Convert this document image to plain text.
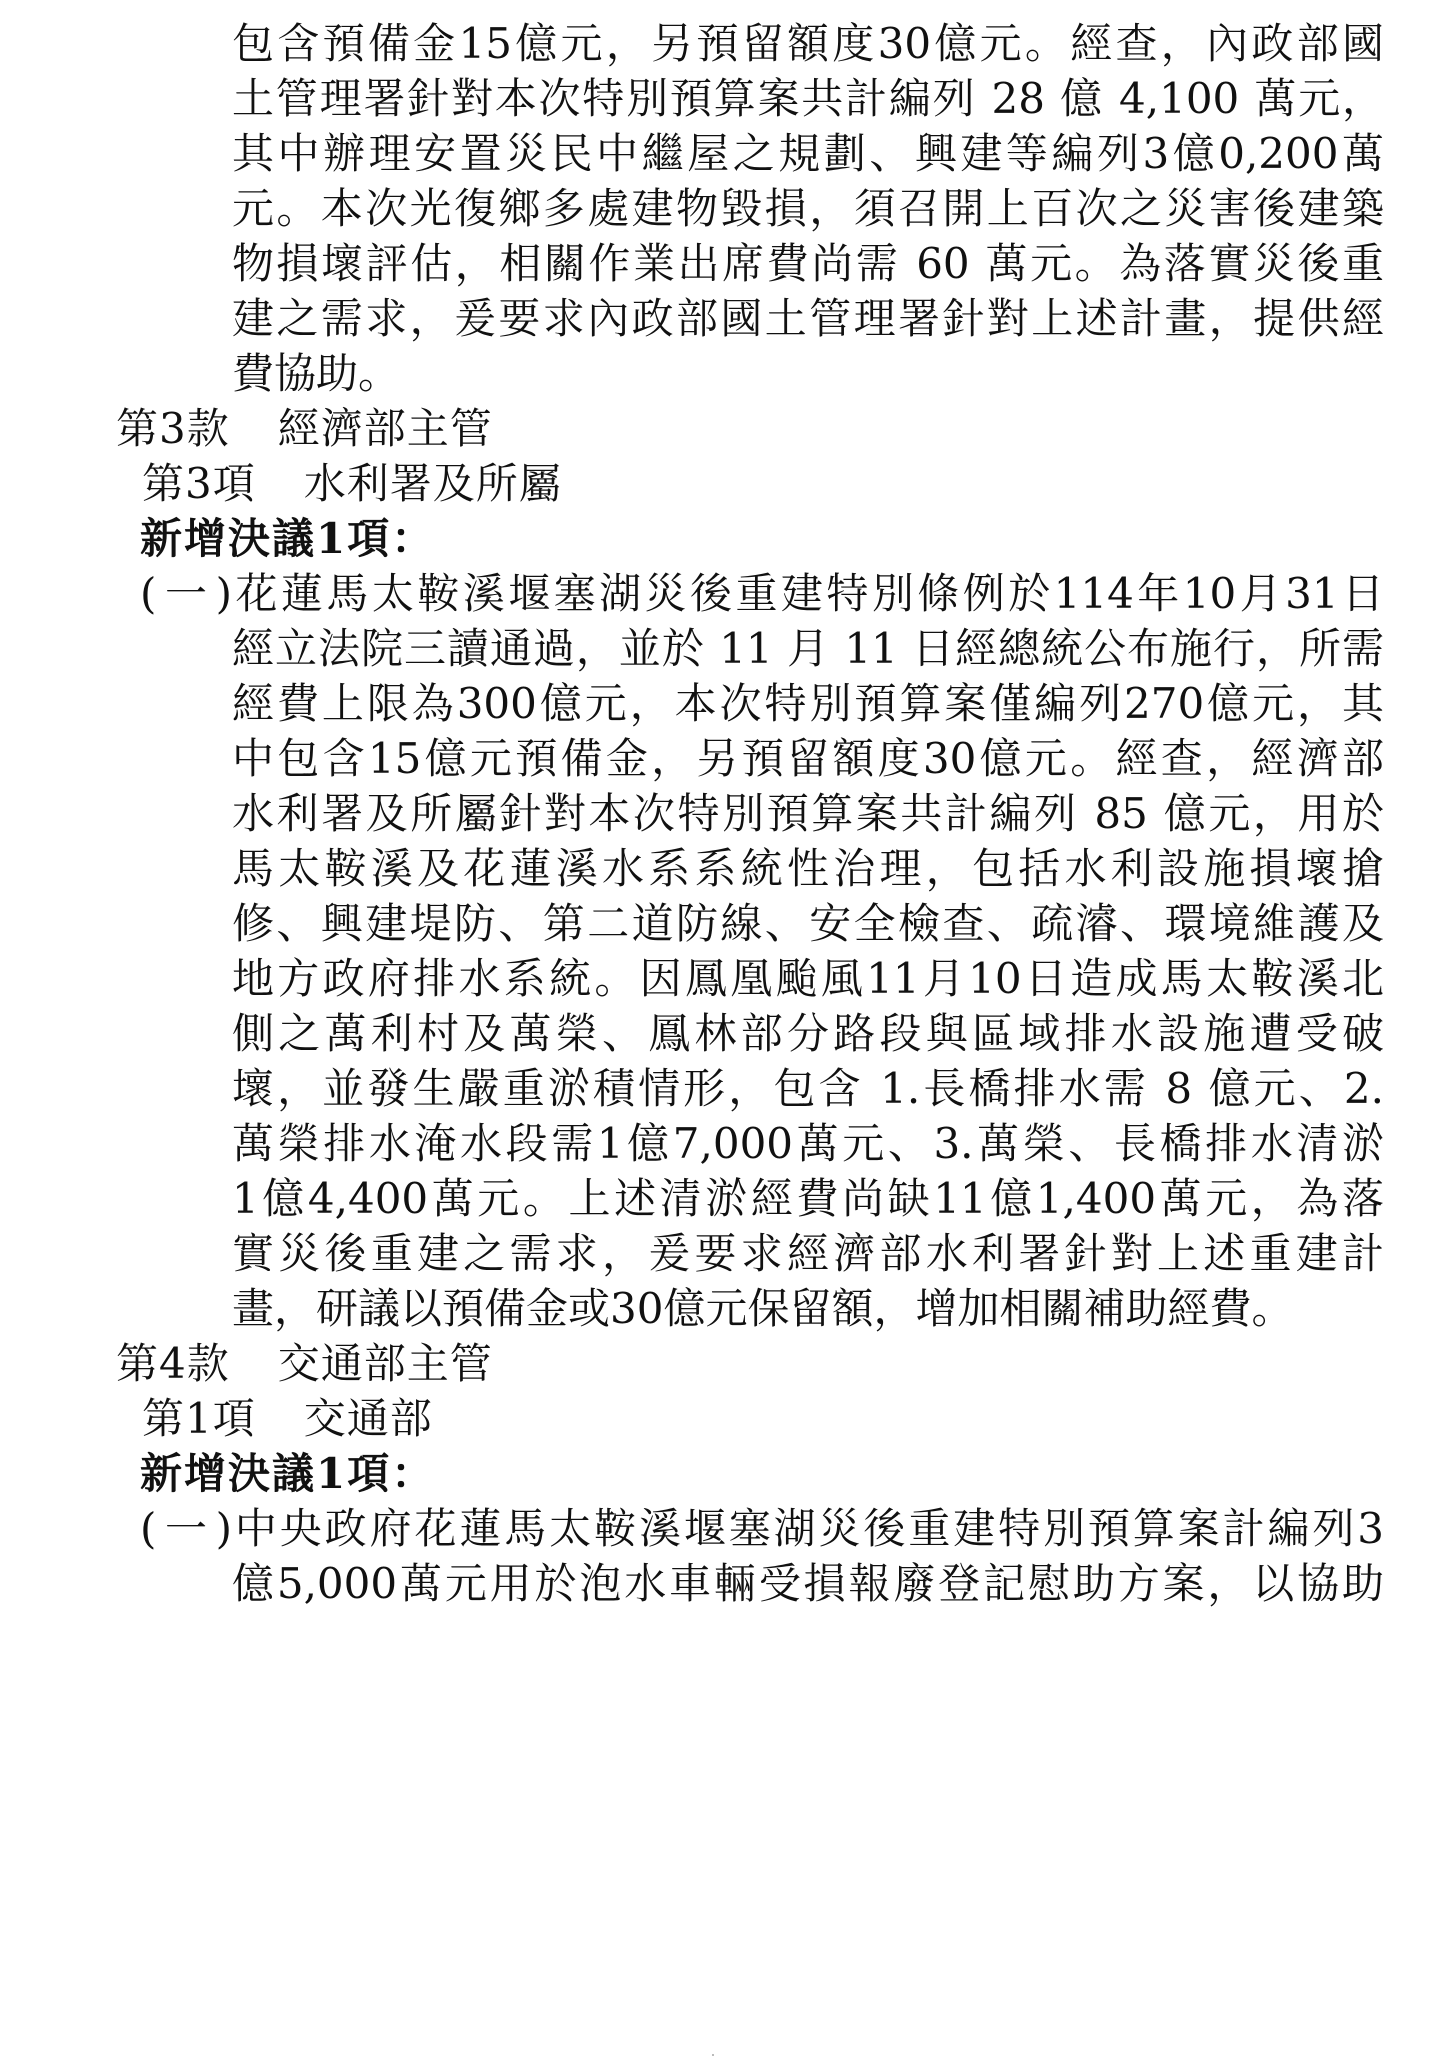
包含預備金15億元，另預留額度30億元。經查，內政部國
土管理署針對本次特別預算案共計編列 28 億 4,100 萬元，
其中辦理安置災民中繼屋之規劃、興建等編列3億0,200萬
元。本次光復鄉多處建物毀損，須召開上百次之災害後建築
物損壞評估，相關作業出席費尚需 60 萬元。為落實災後重
建之需求，爰要求內政部國土管理署針對上述計畫，提供經
費協助。
第3款 經濟部主管
第3項 水利署及所屬
新增決議1項：
(一)花蓮馬太鞍溪堰塞湖災後重建特別條例於114年10月31日
經立法院三讀通過，並於 11 月 11 日經總統公布施行，所需
經費上限為300億元，本次特別預算案僅編列270億元，其
中包含15億元預備金，另預留額度30億元。經查，經濟部
水利署及所屬針對本次特別預算案共計編列 85 億元，用於
馬太鞍溪及花蓮溪水系系統性治理，包括水利設施損壞搶
修、興建堤防、第二道防線、安全檢查、疏濬、環境維護及
地方政府排水系統。因鳳凰颱風11月10日造成馬太鞍溪北
側之萬利村及萬榮、鳳林部分路段與區域排水設施遭受破
壞，並發生嚴重淤積情形，包含 1.長橋排水需 8 億元、2.
萬榮排水淹水段需1億7,000萬元、3.萬榮、長橋排水清淤
1億4,400萬元。上述清淤經費尚缺11億1,400萬元，為落
實災後重建之需求，爰要求經濟部水利署針對上述重建計
畫，研議以預備金或30億元保留額，增加相關補助經費。
第4款 交通部主管
第1項 交通部
新增決議1項：
(一)中央政府花蓮馬太鞍溪堰塞湖災後重建特別預算案計編列3
億5,000萬元用於泡水車輛受損報廢登記慰助方案，以協助
